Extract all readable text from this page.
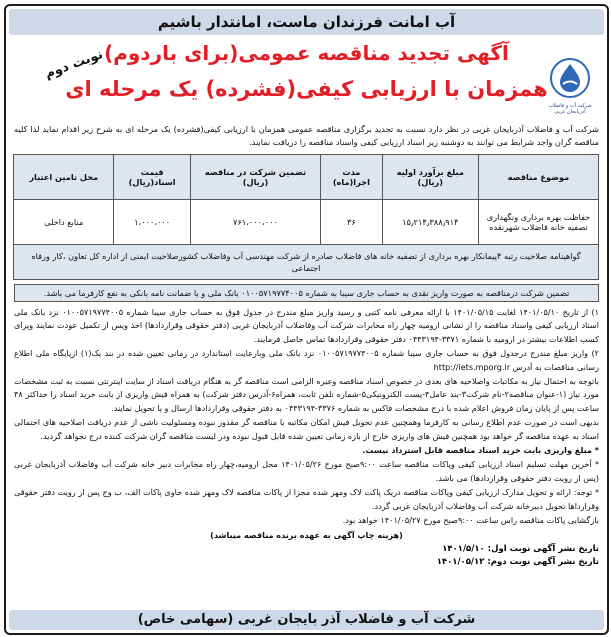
آب امانت فرزندان ماست، امانتدار باشیم
آگهی تجدید مناقصه عمومی(برای باردوم)
همزمان با ارزیابی کیفی(فشرده) یک مرحله ای
شرکت آب و فاضلاب آذربایجان غربی
نوبت دوم
شرکت آب و فاضلاب آذربایجان غربی در نظر دارد نسبت به تجدید برگزاری مناقصه عمومی همزمان با ارزیابی کیفی(فشرده) یک مرحله ای به شرح زیر اقدام نماید لذا کلیه مناقصه گران واجد شرایط می توانند به دوشنبه زیر اسناد ارزیابی کیفی واسناد مناقصه را دریافت نمایند.
موضوع مناقصه	مبلغ برآورد اولیه (ریال)	مدت اجرا(ماه)	تضمین شرکت در مناقصه (ریال)	قیمت اسناد(ریال)	محل تامین اعتبار
حفاظت بهره برداری ونگهداری تصفیه خانه فاضلاب شهرنقده	۱۵٫۲۱۴٫۳۸۸٫۹۱۴	۳۶	۷۶۱،۰۰۰،۰۰۰	۱،۰۰۰،۰۰۰	منابع داخلی
گواهینامه صلاحیت رتبه ۴پیمانکار بهره برداری از تصفیه خانه های فاضلاب صادره از شرکت مهندسی آب وفاضلاب کشورصلاحیت ایمنی از اداره کل تعاون ،کار ورفاه اجتماعی					
تضمین شرکت درمناقصه به صورت واریز نقدی به حساب جاری سیبا به شماره ۰۱۰۰۵۷۱۹۷۷۴۰۰۵ بانک ملی و یا ضمانت نامه بانکی به نفع کارفرما می باشد.

۱) از تاریخ ۱۴۰۱/۰۵/۱۰ لغایت ۱۴۰۱/۰۵/۱۵ با ارائه معرفی نامه کتبی و رسید واریز مبلغ مندرج در جدول فوق به حساب جاری سیبا شماره ۰۱۰۰۵۷۱۹۷۷۴۰۰۵ نزد بانک ملی اسناد ارزیابی کیفی واسناد مناقصه را از نشانی ارومیه چهار راه مخابرات شرکت آب وفاضلاب آذربایجان غربی (دفتر حقوقی وقراردادها) اخذ ویس از تکمیل عودت نمایند ویرای کسب اطلاعات بیشتر در ارومیه با شماره ۳۳۷۱-۰۴۴۳۱۹۴ دفتر حقوقی وقراردادها تماس حاصل فرمایند.

۲) واریز مبلغ مندرج درجدول فوق به حساب جاری سیبا شماره ۰۱۰۰۵۷۱۹۷۷۴۰۰۵ نزد بانک ملی وبارعایت استاندارد در زمانی تعیین شده در بند یک(۱) ازپایگاه ملی اطلاع رسانی مناقصات به آدرس http://iets.mporg.ir

باتوجه به احتمال نیاز به مکاتبات واصلاحیه های بعدی در خصوص اسناد مناقصه وعیره الزامی است مناقصه گر به هنگام دریافت اسناد از سایت اینترنتی نسبت به ثبت مشخصات مورد نیاز (۱-عنوان مناقصه۲-نام شرکت۳-بند عامل۴-پست الکترونیکی۵-شماره تلفن ثابت، همراه۶-آدرس دفتر شرکت) به همراه فیش واریزی از بابت خرید اسناد را حداکثر ۴۸ ساعت پس از پایان زمان فروش اعلام شده با درج مشخصات فاکس به شماره ۳۳۷۶-۰۴۴۳۱۹۴ به دفتر حقوقی وقراردادها ارسال و یا تحویل نمایند.

بدیهی است در صورت عدم اطلاع رسانی به کارفرما وهمچنین عدم تحویل فیش امکان مکاتبه با مناقصه گر مقدور نبوده ومسئولیت ناشی از عدم دریافت اصلاحیه های احتمالی اسناد به عهده مناقصه گر خواهد بود همچنین فیش های واریزی خارج از بازه زمانی تعیین شده قابل قبول نبوده ودر لیست مناقصه گران شرکت کننده درج نخواهد گردید.

* مبلغ واریزی بابت خرید اسناد مناقصه قابل استرداد نیست.

* آخرین مهلت تسلیم اسناد ارزیابی کیفی وپاکات مناقصه ساعت ۹:۰۰صبح مورخ ۱۴۰۱/۰۵/۲۶ محل ارومیه،چهار راه مخابرات دبیر خانه شرکت آب وفاضلاب آذربایجان غربی (پس از رویت دفتر حقوقی وقراردادها) می باشد.

* توجه: ارائه و تحویل مدارک ارزیابی کیفی وپاکات مناقصه دریک پاکت لاک ومهر شده مجزا از پاکات مناقصه لاک ومهر شده حاوی پاکات الف، ب وج پس از رویت دفتر حقوقی وقرارداها تحویل دبیرخانه شرکت آب وفاضلاب آذربایجان غربی گردد.

بازگشایی پاکات مناقصه راس ساعت ۹:۰۰صبح مورخ ۱۴۰۱/۰۵/۲۷ خواهد بود.

(هزینه چاپ آگهی به عهده برنده مناقصه میباشد)

تاریخ نشر آگهی نوبت اول: ۱۴۰۱/۵/۱۰
تاریخ نشر آگهی نوبت دوم: ۱۴۰۱/۰۵/۱۲
شرکت آب و فاضلاب آذر بایجان غربی (سهامی خاص)
